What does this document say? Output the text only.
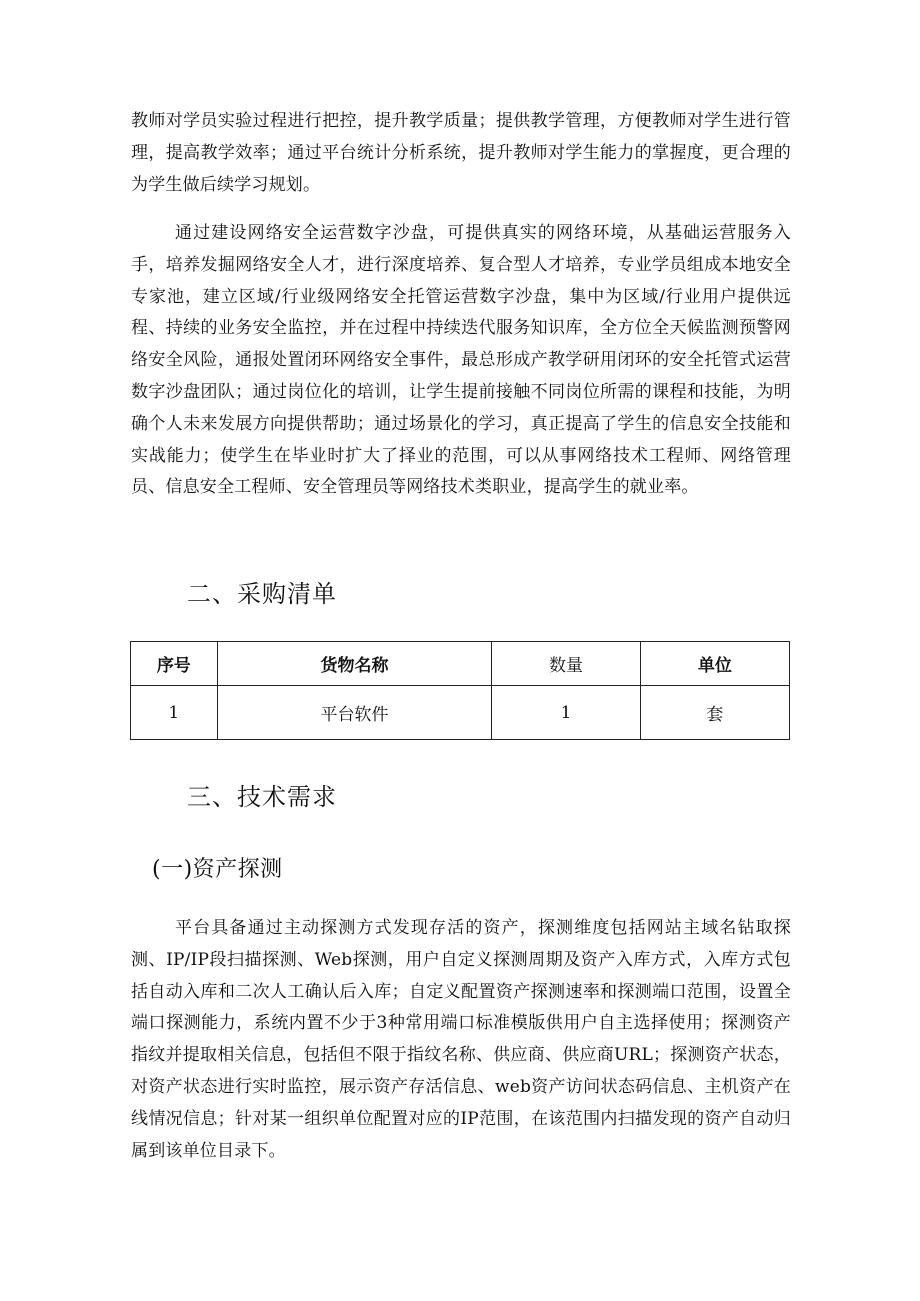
教师对学员实验过程进行把控，提升教学质量；提供教学管理，方便教师对学生进行管理，提高教学效率；通过平台统计分析系统，提升教师对学生能力的掌握度，更合理的为学生做后续学习规划。

通过建设网络安全运营数字沙盘，可提供真实的网络环境，从基础运营服务入手，培养发掘网络安全人才，进行深度培养、复合型人才培养，专业学员组成本地安全专家池，建立区域/行业级网络安全托管运营数字沙盘，集中为区域/行业用户提供远程、持续的业务安全监控，并在过程中持续迭代服务知识库，全方位全天候监测预警网络安全风险，通报处置闭环网络安全事件，最总形成产教学研用闭环的安全托管式运营数字沙盘团队；通过岗位化的培训，让学生提前接触不同岗位所需的课程和技能，为明确个人未来发展方向提供帮助；通过场景化的学习，真正提高了学生的信息安全技能和实战能力；使学生在毕业时扩大了择业的范围，可以从事网络技术工程师、网络管理员、信息安全工程师、安全管理员等网络技术类职业，提高学生的就业率。

二、采购清单
序号	货物名称	数量	单位
1	平台软件	1	套
三、技术需求
(一)资产探测

平台具备通过主动探测方式发现存活的资产，探测维度包括网站主域名钻取探测、IP/IP段扫描探测、Web探测，用户自定义探测周期及资产入库方式，入库方式包括自动入库和二次人工确认后入库；自定义配置资产探测速率和探测端口范围，设置全端口探测能力，系统内置不少于3种常用端口标准模版供用户自主选择使用；探测资产指纹并提取相关信息，包括但不限于指纹名称、供应商、供应商URL；探测资产状态，对资产状态进行实时监控，展示资产存活信息、web资产访问状态码信息、主机资产在线情况信息；针对某一组织单位配置对应的IP范围，在该范围内扫描发现的资产自动归属到该单位目录下。
